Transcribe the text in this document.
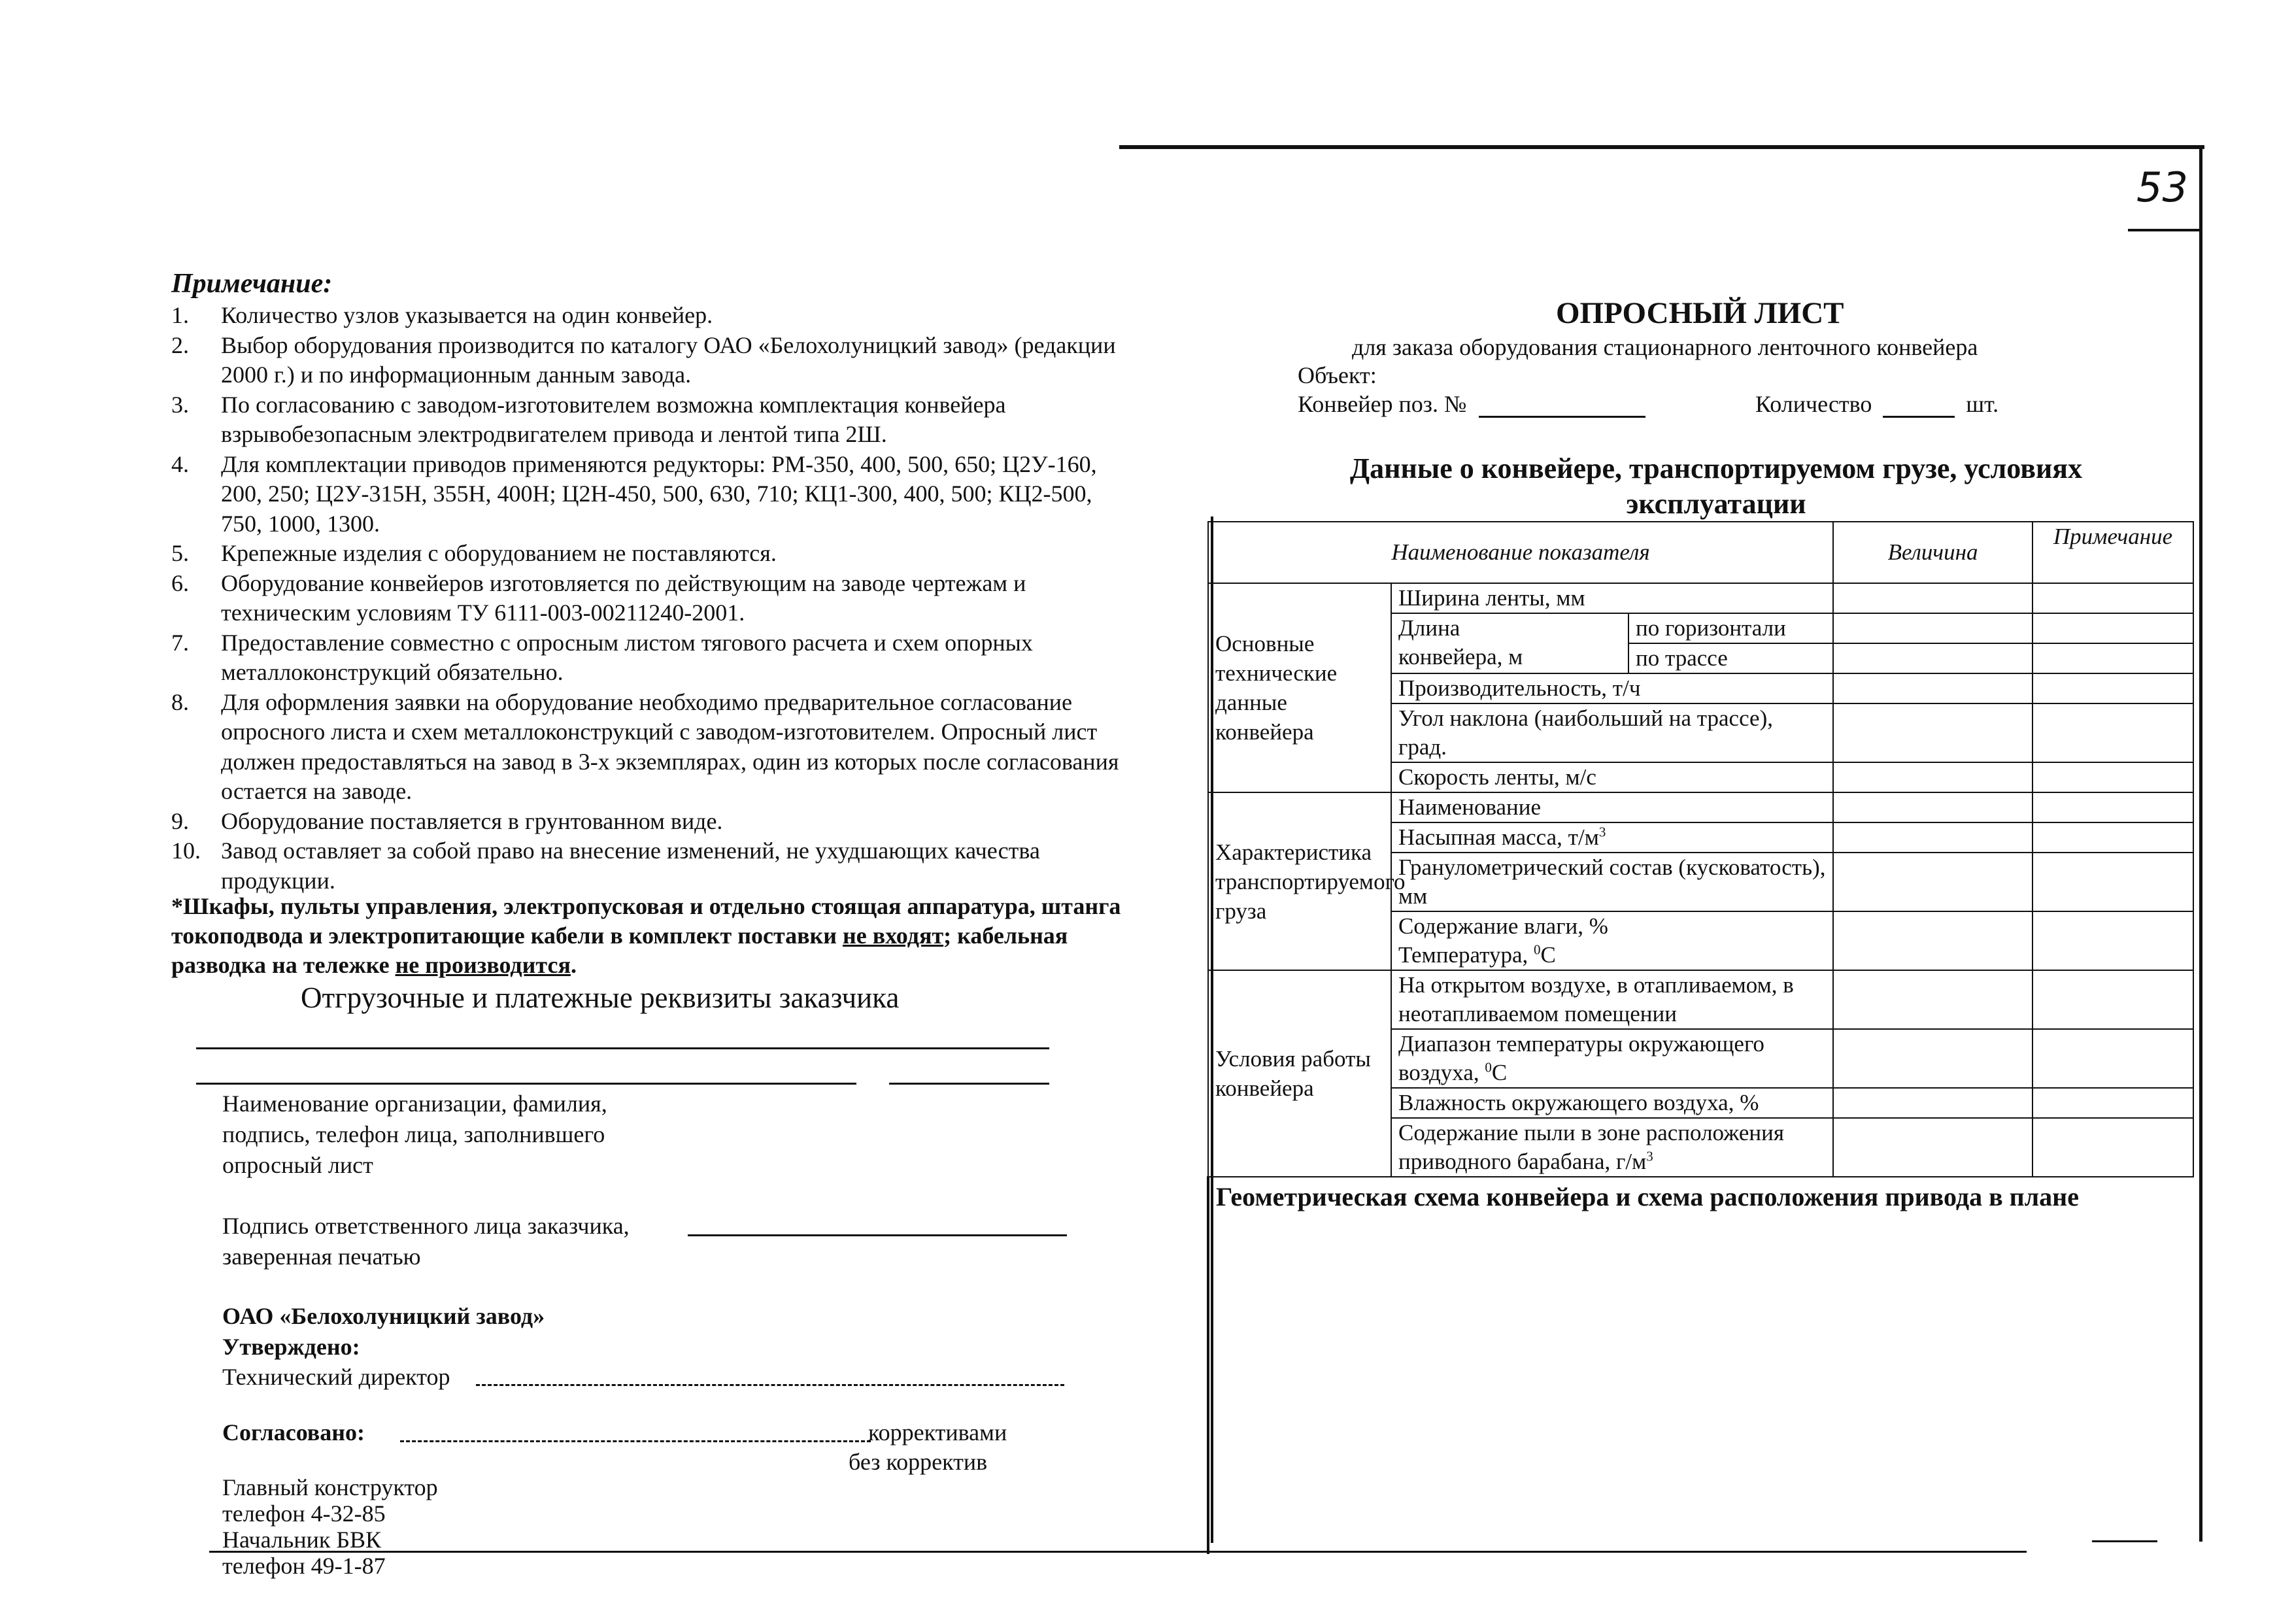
53
Примечание:
1.	Количество узлов указывается на один конвейер.
2.	Выбор оборудования производится по каталогу ОАО «Белохолуницкий завод» (редакции 2000 г.) и по информационным данным завода.
3.	По согласованию с заводом-изготовителем возможна комплектация конвейера взрывобезопасным электродвигателем привода и лентой типа 2Ш.
4.	Для комплектации приводов применяются редукторы: РМ-350, 400, 500, 650; Ц2У-160, 200, 250; Ц2У-315Н, 355Н, 400Н; Ц2Н-450, 500, 630, 710; КЦ1-300, 400, 500; КЦ2-500, 750, 1000, 1300.
5.	Крепежные изделия с оборудованием не поставляются.
6.	Оборудование конвейеров изготовляется по действующим на заводе чертежам и техническим условиям ТУ 6111-003-00211240-2001.
7.	Предоставление совместно с опросным листом тягового расчета и схем опорных металлоконструкций обязательно.
8.	Для оформления заявки на оборудование необходимо предварительное согласование опросного листа и схем металлоконструкций с заводом-изготовителем. Опросный лист должен предоставляться на завод в 3-х экземплярах, один из которых после согласования остается на заводе.
9.	Оборудование поставляется в грунтованном виде.
10. Завод оставляет за собой право на внесение изменений, не ухудшающих качества продукции.
*Шкафы, пульты управления, электропусковая и отдельно стоящая аппаратура, штанга токоподвода и электропитающие кабели в комплект поставки не входят; кабельная разводка на тележке не производится.
Отгрузочные и платежные реквизиты заказчика
Наименование организации, фамилия,
подпись, телефон лица, заполнившего
опросный лист
Подпись ответственного лица заказчика,
заверенная печатью
ОАО «Белохолуницкий завод»
Утверждено:
Технический директор
Согласовано:	коррективами
без корректив
Главный конструктор
телефон 4-32-85
Начальник БВК
телефон 49-1-87
ОПРОСНЫЙ ЛИСТ
для заказа оборудования стационарного ленточного конвейера
Объект:
Конвейер поз. №	Количество	шт.
Данные о конвейере, транспортируемом грузе, условиях эксплуатации
Наименование показателя			Величина	Примечание
Основные технические данные конвейера	Ширина ленты, мм			

	Длина
конвейера, м	по горизонтали		
		по трассе		
	Производительность, т/ч			
	Угол наклона (наибольший на трассе), град.			
	Скорость ленты, м/с			
Характеристика транспортируемого груза	Наименование			
	Насыпная масса, $т/м^3$		
	Гранулометрический состав (кусковатость), мм			

	Содержание влаги, %
Температура, $^0$C			

Условия работы конвейера	На открытом воздухе, в отапливаемом, в неотапливаемом помещении			
	Диапазон температуры окружающего воздуха, $^0$C			
	Влажность окружающего воздуха, %			
	Содержание пыли в зоне расположения приводного барабана, $г/м^3$		
Геометрическая схема конвейера и схема расположения привода в плане				
